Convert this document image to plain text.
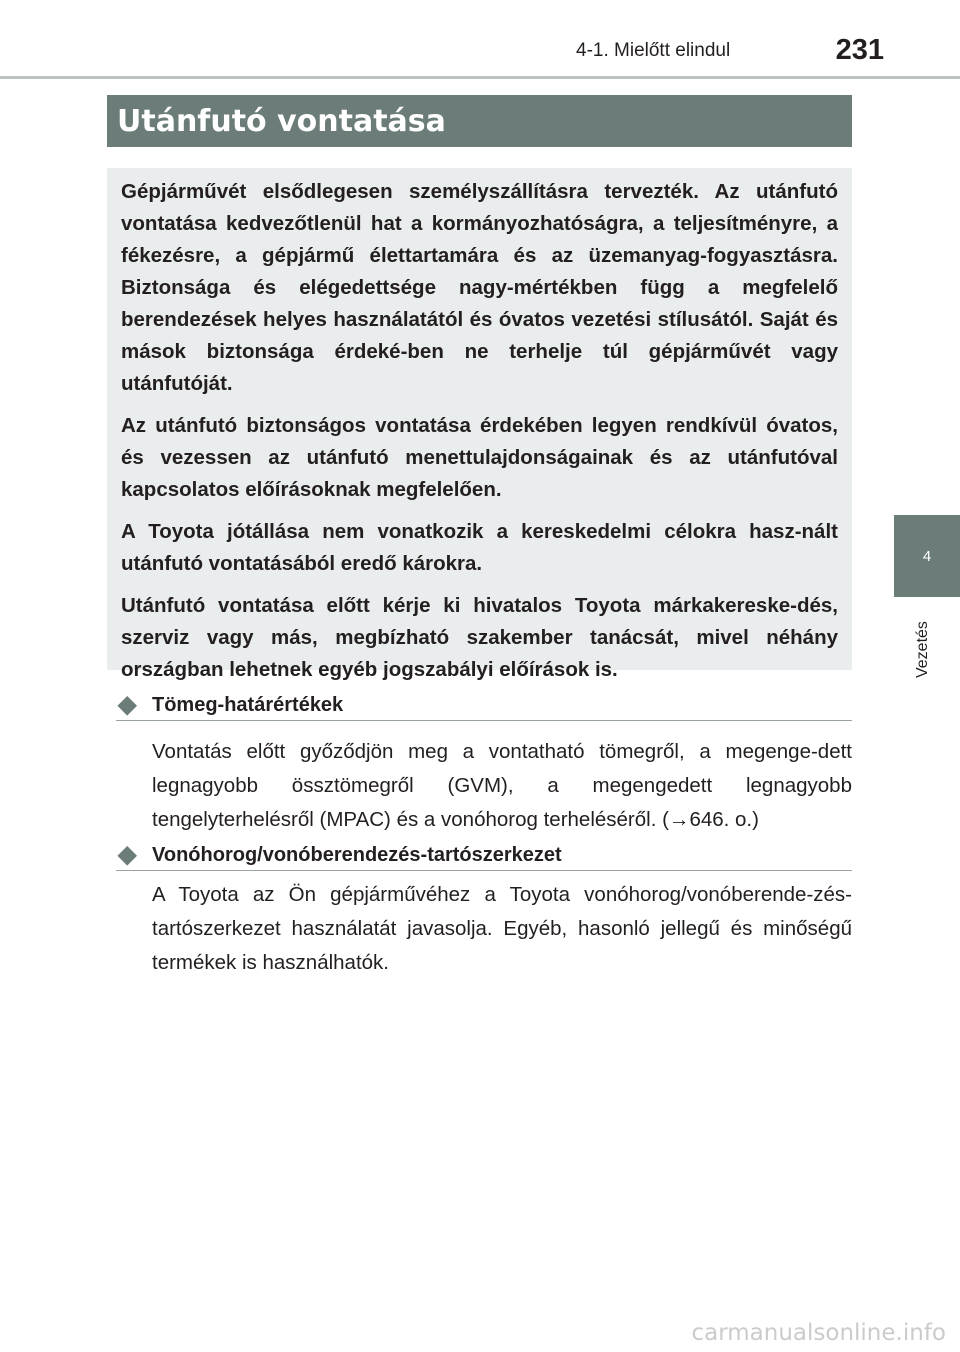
4-1. Mielőtt elindul	231
4
Vezetés
Utánfutó vontatása

Gépjárművét elsődlegesen személyszállításra tervezték. Az utánfutó vontatása kedvezőtlenül hat a kormányozhatóságra, a teljesítményre, a fékezésre, a gépjármű élettartamára és az üzemanyag-fogyasztásra. Biztonsága és elégedettsége nagy-mértékben függ a megfelelő berendezések helyes használatától és óvatos vezetési stílusától. Saját és mások biztonsága érdeké-ben ne terhelje túl gépjárművét vagy utánfutóját.

Az utánfutó biztonságos vontatása érdekében legyen rendkívül óvatos, és vezessen az utánfutó menettulajdonságainak és az utánfutóval kapcsolatos előírásoknak megfelelően.

A Toyota jótállása nem vonatkozik a kereskedelmi célokra hasz-nált utánfutó vontatásából eredő károkra.

Utánfutó vontatása előtt kérje ki hivatalos Toyota márkakereske-dés, szerviz vagy más, megbízható szakember tanácsát, mivel néhány országban lehetnek egyéb jogszabályi előírások is.

◆ Tömeg-határértékek
Vontatás előtt győződjön meg a vontatható tömegről, a megenge-dett legnagyobb össztömegről (GVM), a megengedett legnagyobb tengelyterhelésről (MPAC) és a vonóhorog terheléséről. (→646. o.)
◆ Vonóhorog/vonóberendezés-tartószerkezet
A Toyota az Ön gépjárművéhez a Toyota vonóhorog/vonóberende-zés-tartószerkezet használatát javasolja. Egyéb, hasonló jellegű és minőségű termékek is használhatók.
carmanualsonline.info
